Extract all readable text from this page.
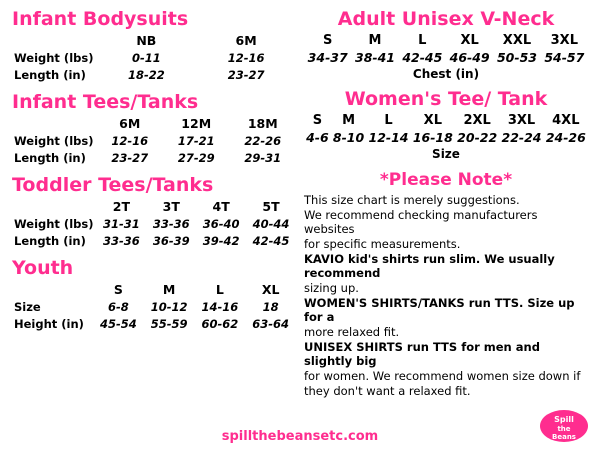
Infant Bodysuits
	NB	6M
Weight (lbs)	0-11	12-16
Length (in)	18-22	23-27
Infant Tees/Tanks
	6M	12M	18M
Weight (lbs)	12-16	17-21	22-26
Length (in)	23-27	27-29	29-31
Toddler Tees/Tanks
	2T	3T	4T	5T
Weight (lbs)	31-31	33-36	36-40	40-44
Length (in)	33-36	36-39	39-42	42-45
Youth
	S	M	L	XL
Size	6-8	10-12	14-16	18
Height (in)	45-54	55-59	60-62	63-64
Adult Unisex V-Neck
S	M	L	XL	XXL	3XL
34-37	38-41	42-45	46-49	50-53	54-57
Chest (in)
Women's Tee/ Tank
S	M	L	XL	2XL	3XL	4XL
4-6	8-10	12-14	16-18	20-22	22-24	24-26
Size
*Please Note*

This size chart is merely suggestions.

We recommend checking manufacturers websites

for specific measurements.

KAVIO kid's shirts run slim. We usually recommend

sizing up.

WOMEN'S SHIRTS/TANKS run TTS. Size up for a

more relaxed fit.

UNISEX SHIRTS run TTS for men and slightly big

for women. We recommend women size down if

they don't want a relaxed fit.

spillthebeansetc.com
Spill
the
Beans
